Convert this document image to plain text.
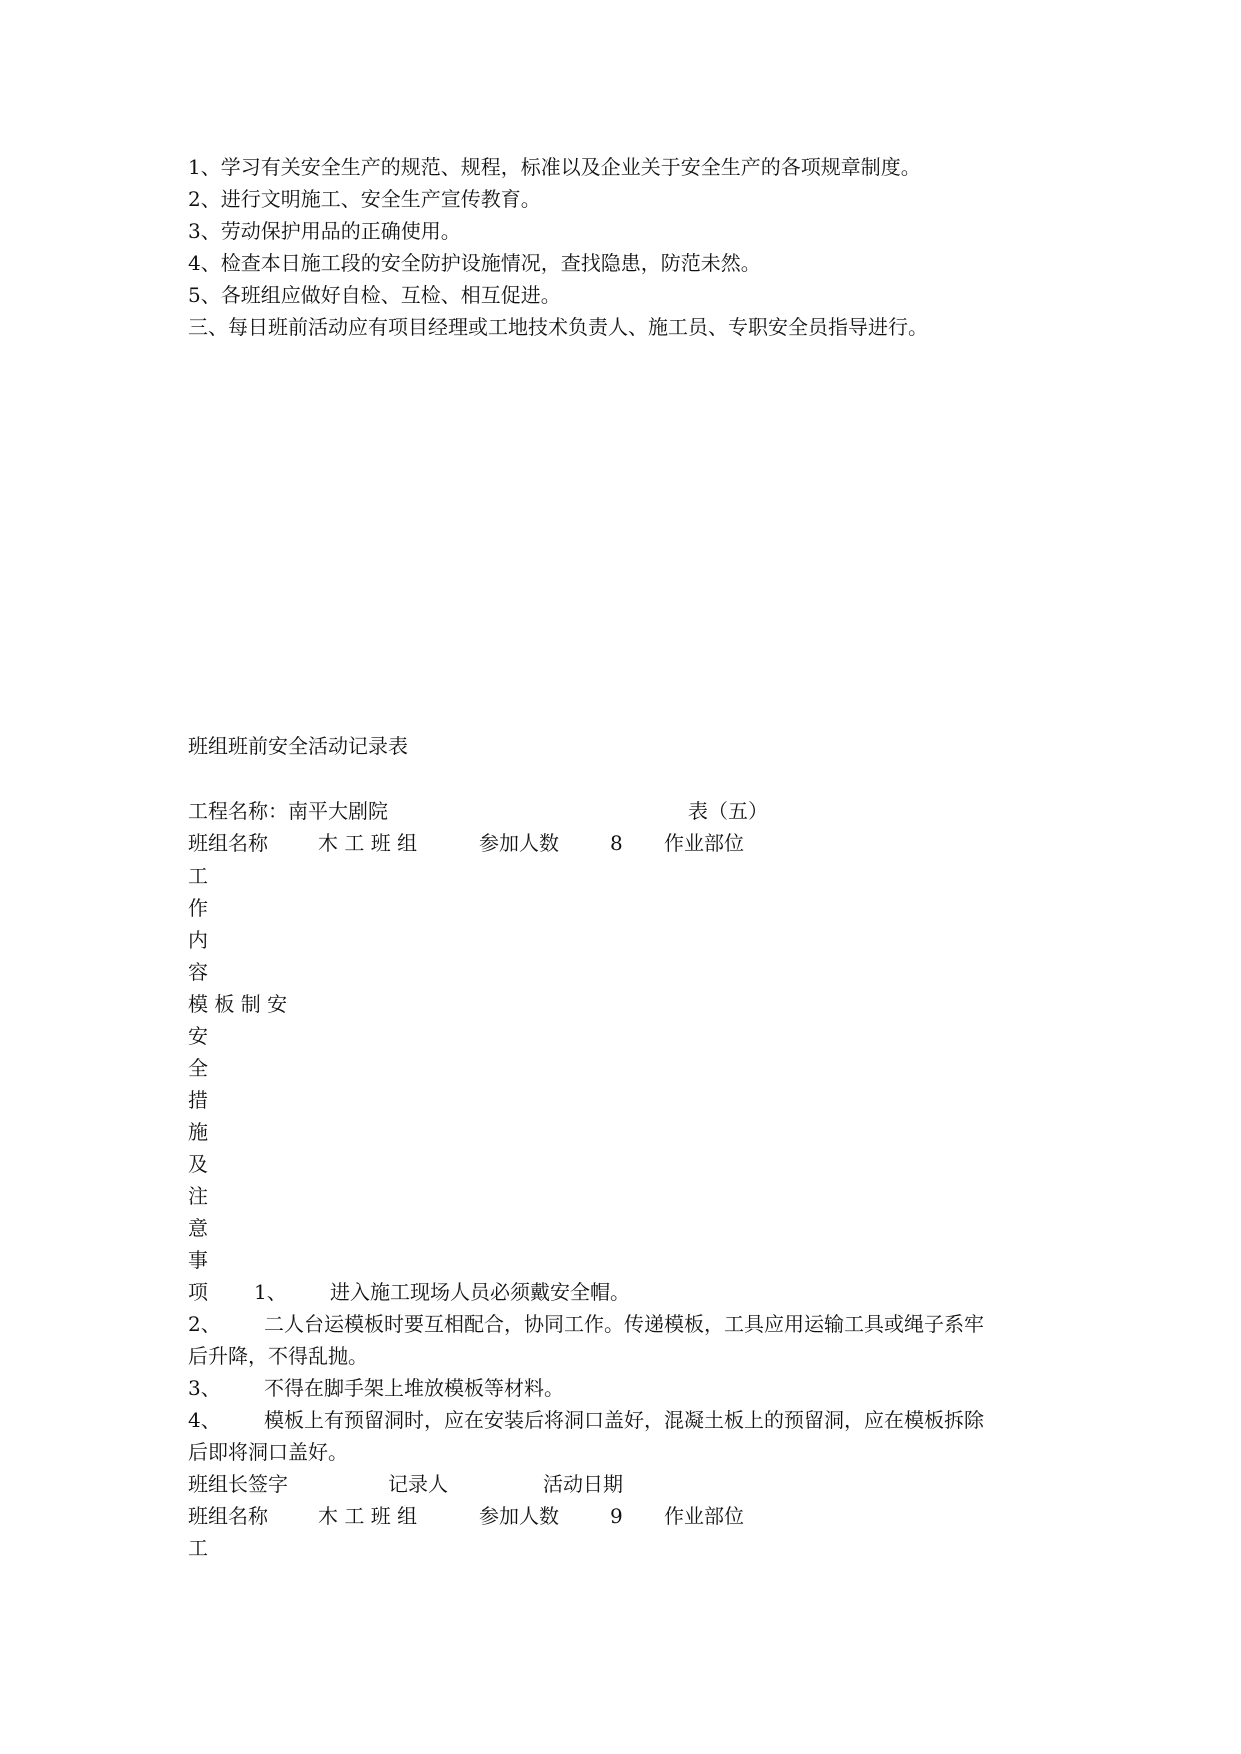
1、学习有关安全生产的规范、规程，标准以及企业关于安全生产的各项规章制度。
2、进行文明施工、安全生产宣传教育。
3、劳动保护用品的正确使用。
4、检查本日施工段的安全防护设施情况，查找隐患，防范未然。
5、各班组应做好自检、互检、相互促进。
三、每日班前活动应有项目经理或工地技术负责人、施工员、专职安全员指导进行。
班组班前安全活动记录表
工程名称：南平大剧院	表（五）
班组名称	木 工 班 组	参加人数	8 作业部位
工
作
内
容
模 板 制 安
安
全
措
施
及
注
意
事
项 1、 进入施工现场人员必须戴安全帽。
2、 二人台运模板时要互相配合，协同工作。传递模板，工具应用运输工具或绳子系牢
后升降，不得乱抛。
3、 不得在脚手架上堆放模板等材料。
4、 模板上有预留洞时，应在安装后将洞口盖好，混凝土板上的预留洞，应在模板拆除
后即将洞口盖好。
班组长签字	记录人	活动日期
班组名称	木 工 班 组	参加人数	9 作业部位
工
